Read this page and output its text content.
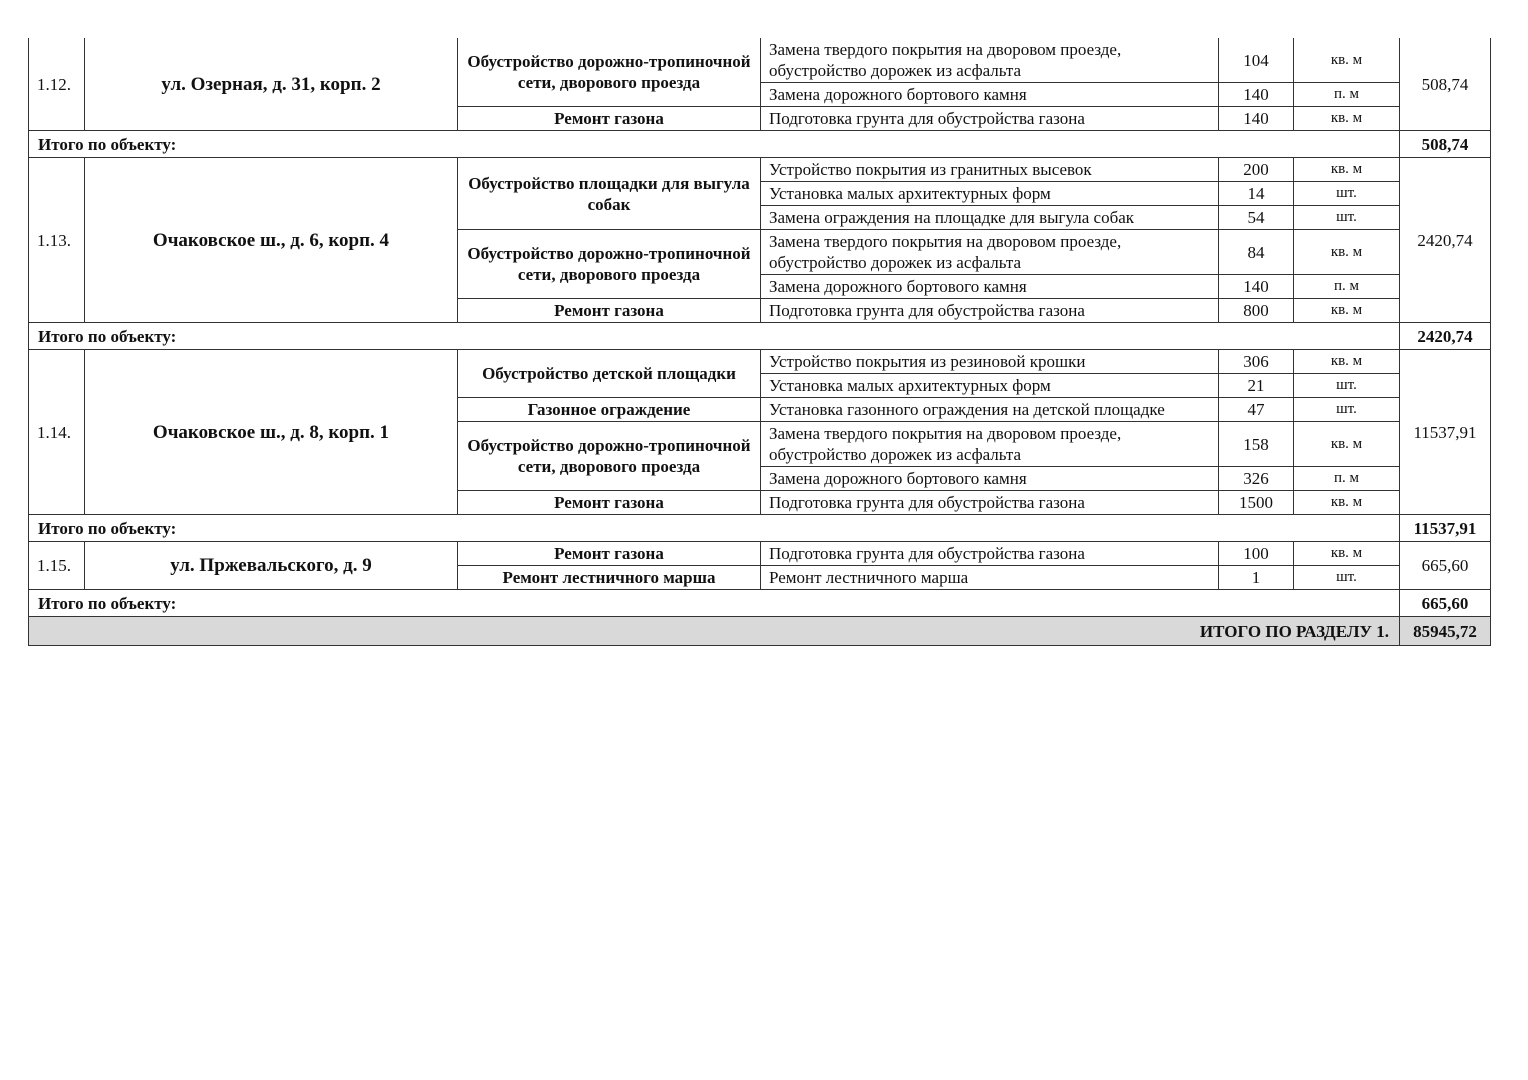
1.12.	ул. Озерная, д. 31, корп. 2	Обустройство дорожно-тропиночной сети, дворового проезда	Замена твердого покрытия на дворовом проезде, обустройство дорожек из асфальта	104	кв. м	508,74
			Замена дорожного бортового камня	140	п. м	
		Ремонт газона	Подготовка грунта для обустройства газона	140	кв. м	
Итого по объекту:						508,74
1.13.	Очаковское ш., д. 6, корп. 4	Обустройство площадки для выгула собак	Устройство покрытия из гранитных высевок	200	кв. м	2420,74
			Установка малых архитектурных форм	14	шт.	
			Замена ограждения на площадке для выгула собак	54	шт.	
		Обустройство дорожно-тропиночной сети, дворового проезда	Замена твердого покрытия на дворовом проезде, обустройство дорожек из асфальта	84	кв. м	
			Замена дорожного бортового камня	140	п. м	
		Ремонт газона	Подготовка грунта для обустройства газона	800	кв. м	
Итого по объекту:						2420,74
1.14.	Очаковское ш., д. 8, корп. 1	Обустройство детской площадки	Устройство покрытия из резиновой крошки	306	кв. м	11537,91
			Установка малых архитектурных форм	21	шт.	
		Газонное ограждение	Установка газонного ограждения на детской площадке	47	шт.	
		Обустройство дорожно-тропиночной сети, дворового проезда	Замена твердого покрытия на дворовом проезде, обустройство дорожек из асфальта	158	кв. м	
			Замена дорожного бортового камня	326	п. м	
		Ремонт газона	Подготовка грунта для обустройства газона	1500	кв. м	
Итого по объекту:						11537,91
1.15.	ул. Пржевальского, д. 9	Ремонт газона	Подготовка грунта для обустройства газона	100	кв. м	665,60
		Ремонт лестничного марша	Ремонт лестничного марша	1	шт.	
Итого по объекту:						665,60
ИТОГО ПО РАЗДЕЛУ 1.						85945,72
